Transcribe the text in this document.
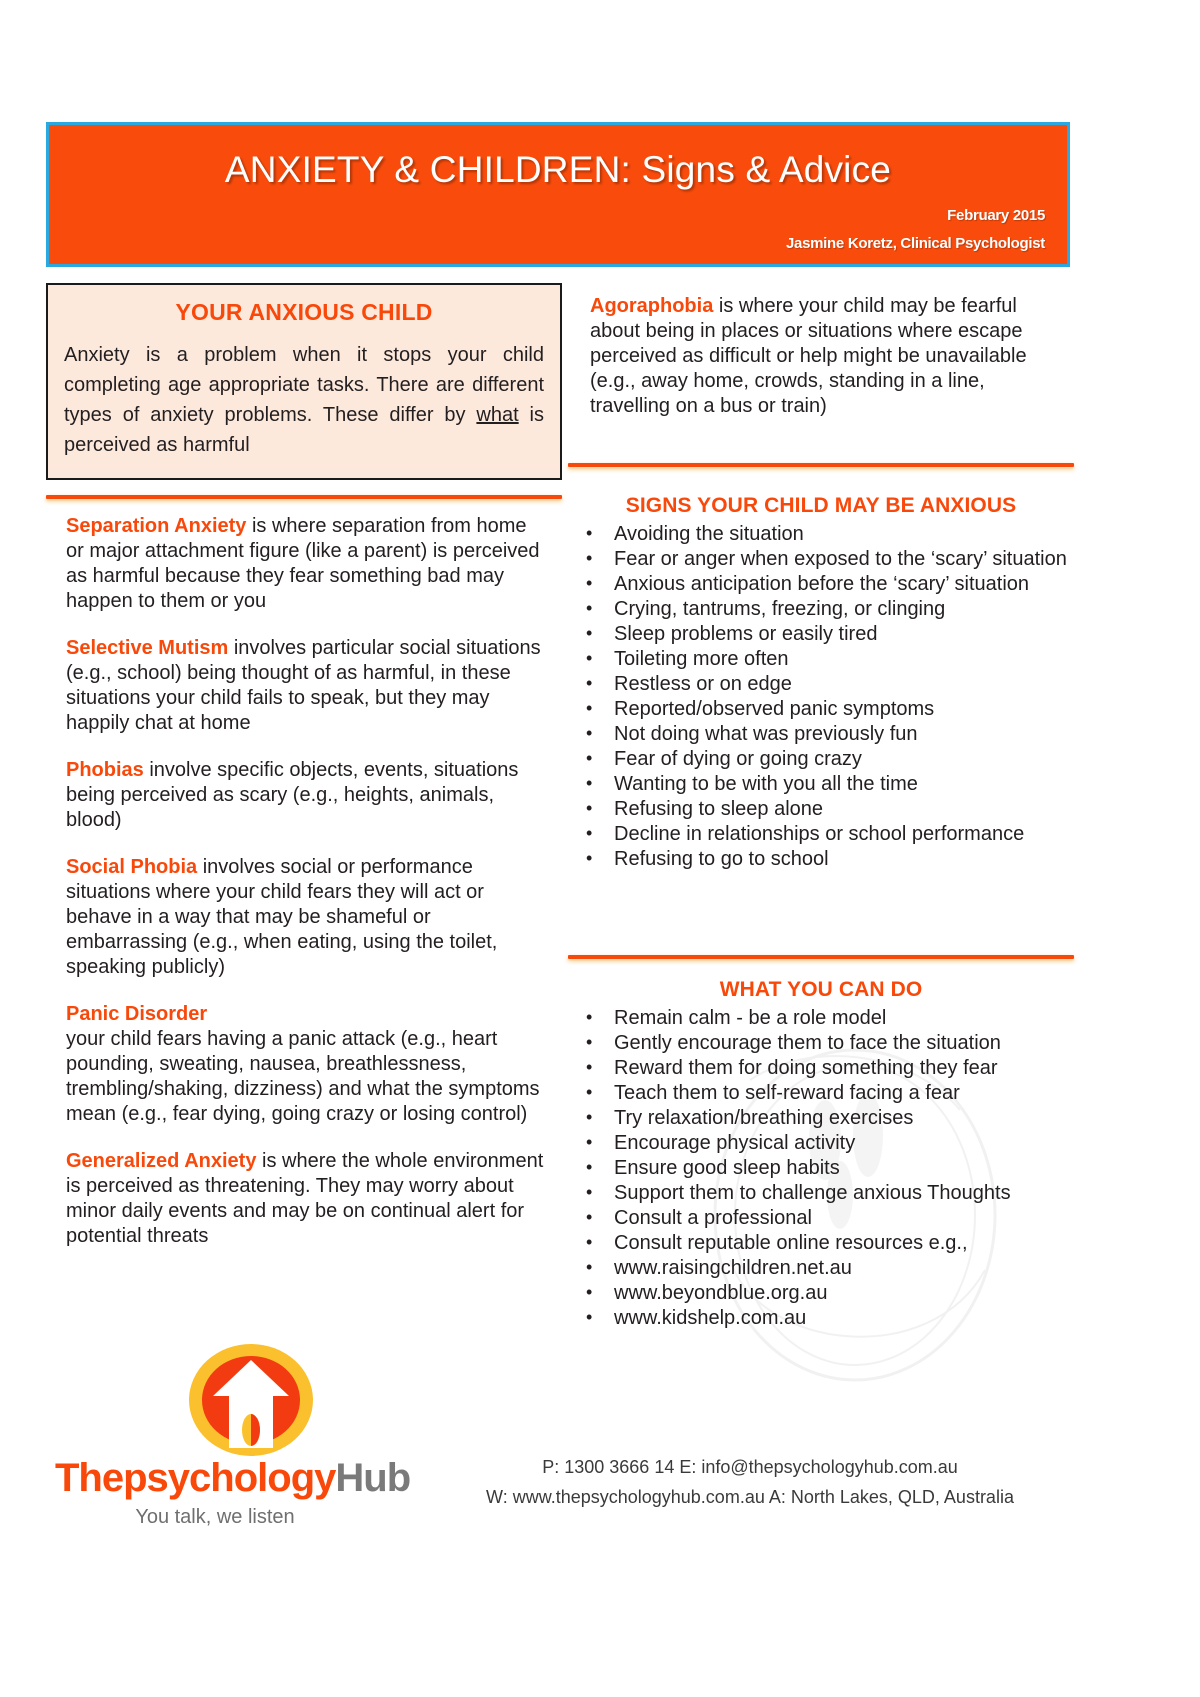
ANXIETY & CHILDREN: Signs & Advice
February 2015
Jasmine Koretz, Clinical Psychologist
YOUR ANXIOUS CHILD
Anxiety is a problem when it stops your child completing age appropriate tasks. There are different types of anxiety problems. These differ by what is perceived as harmful

Separation Anxiety is where separation from home or major attachment figure (like a parent) is perceived as harmful because they fear something bad may happen to them or you

Selective Mutism involves particular social situations (e.g., school) being thought of as harmful, in these situations your child fails to speak, but they may happily chat at home

Phobias involve specific objects, events, situations being perceived as scary (e.g., heights, animals, blood)

Social Phobia involves social or performance situations where your child fears they will act or behave in a way that may be shameful or embarrassing (e.g., when eating, using the toilet, speaking publicly)

Panic Disorder
your child fears having a panic attack (e.g., heart pounding, sweating, nausea, breathlessness, trembling/shaking, dizziness) and what the symptoms mean (e.g., fear dying, going crazy or losing control)

Generalized Anxiety is where the whole environment is perceived as threatening. They may worry about minor daily events and may be on continual alert for potential threats

Agoraphobia is where your child may be fearful about being in places or situations where escape perceived as difficult or help might be unavailable (e.g., away home, crowds, standing in a line, travelling on a bus or train)

SIGNS YOUR CHILD MAY BE ANXIOUS
• Avoiding the situation
• Fear or anger when exposed to the ‘scary’ situation
• Anxious anticipation before the ‘scary’ situation
• Crying, tantrums, freezing, or clinging
• Sleep problems or easily tired
• Toileting more often
• Restless or on edge
• Reported/observed panic symptoms
• Not doing what was previously fun
• Fear of dying or going crazy
• Wanting to be with you all the time
• Refusing to sleep alone
• Decline in relationships or school performance
• Refusing to go to school
WHAT YOU CAN DO
• Remain calm - be a role model
• Gently encourage them to face the situation
• Reward them for doing something they fear
• Teach them to self-reward facing a fear
• Try relaxation/breathing exercises
• Encourage physical activity
• Ensure good sleep habits
• Support them to challenge anxious Thoughts
• Consult a professional
• Consult reputable online resources e.g.,
• www.raisingchildren.net.au
• www.beyondblue.org.au
• www.kidshelp.com.au
ThepsychologyHub
You talk, we listen
P: 1300 3666 14 E: info@thepsychologyhub.com.au
W: www.thepsychologyhub.com.au A: North Lakes, QLD, Australia
